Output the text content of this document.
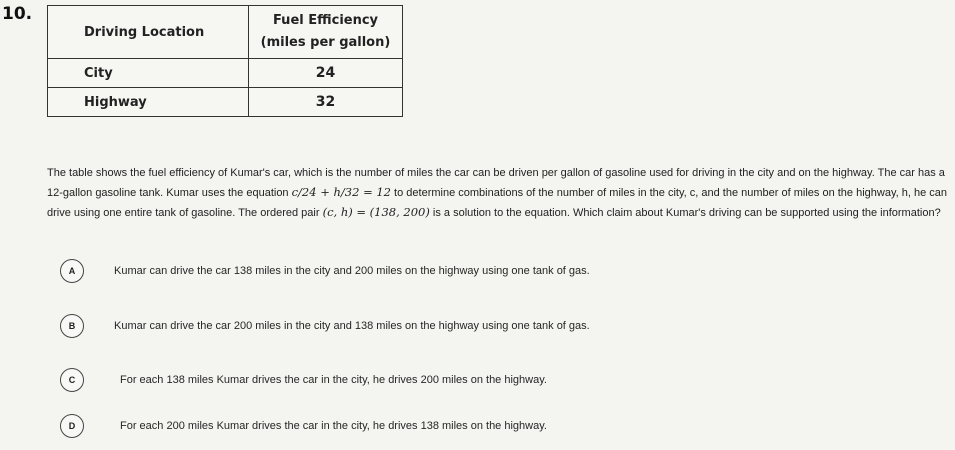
10.
Driving Location	Fuel Efficiency
(miles per gallon)

City	24
Highway	32
The table shows the fuel efficiency of Kumar's car, which is the number of miles the car can be driven per gallon of gasoline used for driving in the city and on the highway. The car has a 12-gallon gasoline tank. Kumar uses the equation c/24 + h/32 = 12 to determine combinations of the number of miles in the city, c, and the number of miles on the highway, h, he can drive using one entire tank of gasoline. The ordered pair (c, h) = (138, 200) is a solution to the equation. Which claim about Kumar's driving can be supported using the information?
A	Kumar can drive the car 138 miles in the city and 200 miles on the highway using one tank of gas.
B	Kumar can drive the car 200 miles in the city and 138 miles on the highway using one tank of gas.
C	For each 138 miles Kumar drives the car in the city, he drives 200 miles on the highway.
D	For each 200 miles Kumar drives the car in the city, he drives 138 miles on the highway.
